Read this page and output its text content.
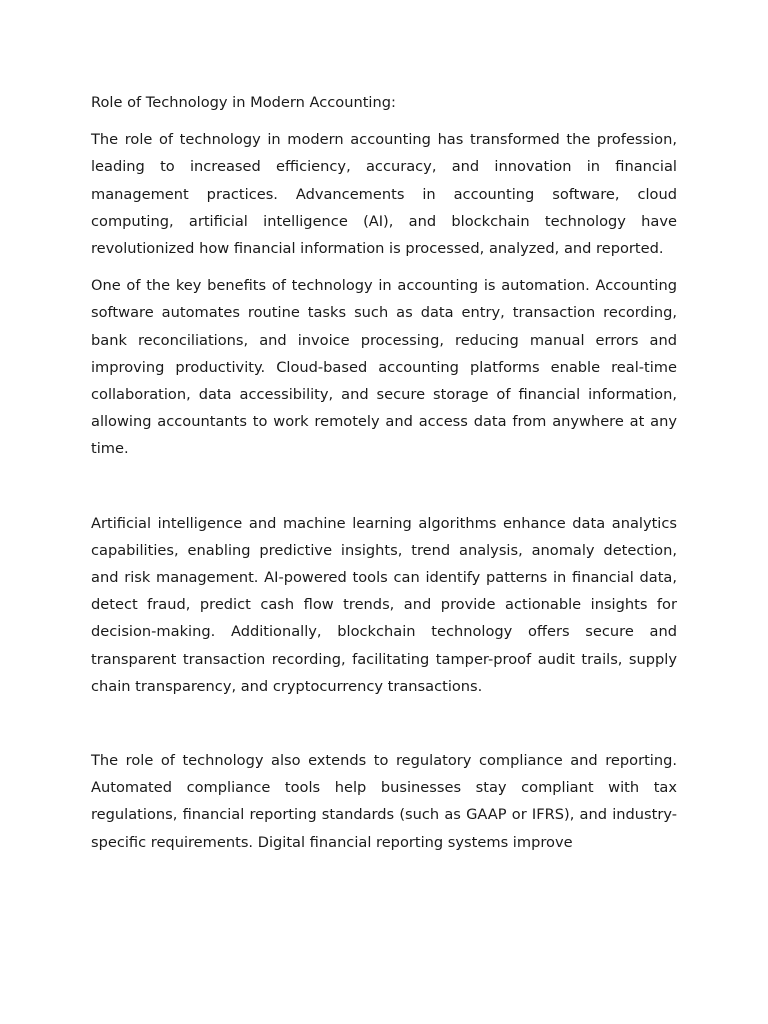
Role of Technology in Modern Accounting:

The role of technology in modern accounting has transformed the profession, leading to increased efficiency, accuracy, and innovation in financial management practices. Advancements in accounting software, cloud computing, artificial intelligence (AI), and blockchain technology have revolutionized how financial information is processed, analyzed, and reported.

One of the key benefits of technology in accounting is automation. Accounting software automates routine tasks such as data entry, transaction recording, bank reconciliations, and invoice processing, reducing manual errors and improving productivity. Cloud-based accounting platforms enable real-time collaboration, data accessibility, and secure storage of financial information, allowing accountants to work remotely and access data from anywhere at any time.

Artificial intelligence and machine learning algorithms enhance data analytics capabilities, enabling predictive insights, trend analysis, anomaly detection, and risk management. AI-powered tools can identify patterns in financial data, detect fraud, predict cash flow trends, and provide actionable insights for decision-making. Additionally, blockchain technology offers secure and transparent transaction recording, facilitating tamper-proof audit trails, supply chain transparency, and cryptocurrency transactions.

The role of technology also extends to regulatory compliance and reporting. Automated compliance tools help businesses stay compliant with tax regulations, financial reporting standards (such as GAAP or IFRS), and industry-specific requirements. Digital financial reporting systems improve
